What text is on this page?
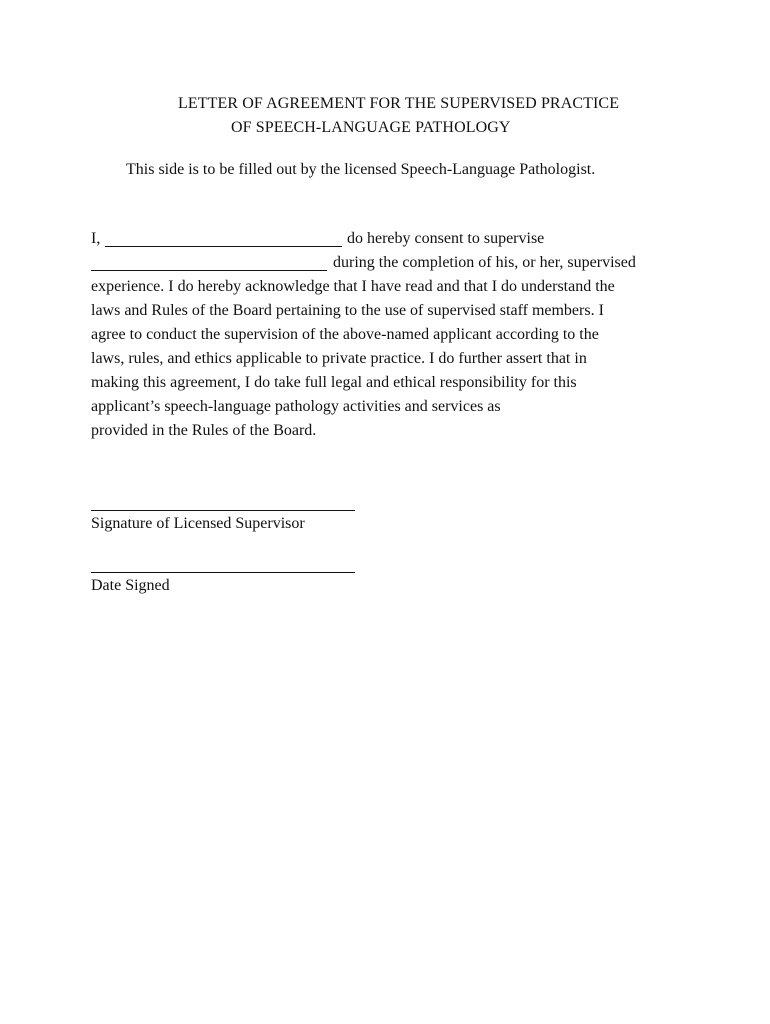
LETTER OF AGREEMENT FOR THE SUPERVISED PRACTICE
OF SPEECH-LANGUAGE PATHOLOGY
This side is to be filled out by the licensed Speech-Language Pathologist.
I,	do hereby consent to supervise
during the completion of his, or her, supervised
experience. I do hereby acknowledge that I have read and that I do understand the
laws and Rules of the Board pertaining to the use of supervised staff members. I
agree to conduct the supervision of the above-named applicant according to the
laws, rules, and ethics applicable to private practice. I do further assert that in
making this agreement, I do take full legal and ethical responsibility for this
applicant’s speech-language pathology activities and services as
provided in the Rules of the Board.
Signature of Licensed Supervisor
Date Signed
